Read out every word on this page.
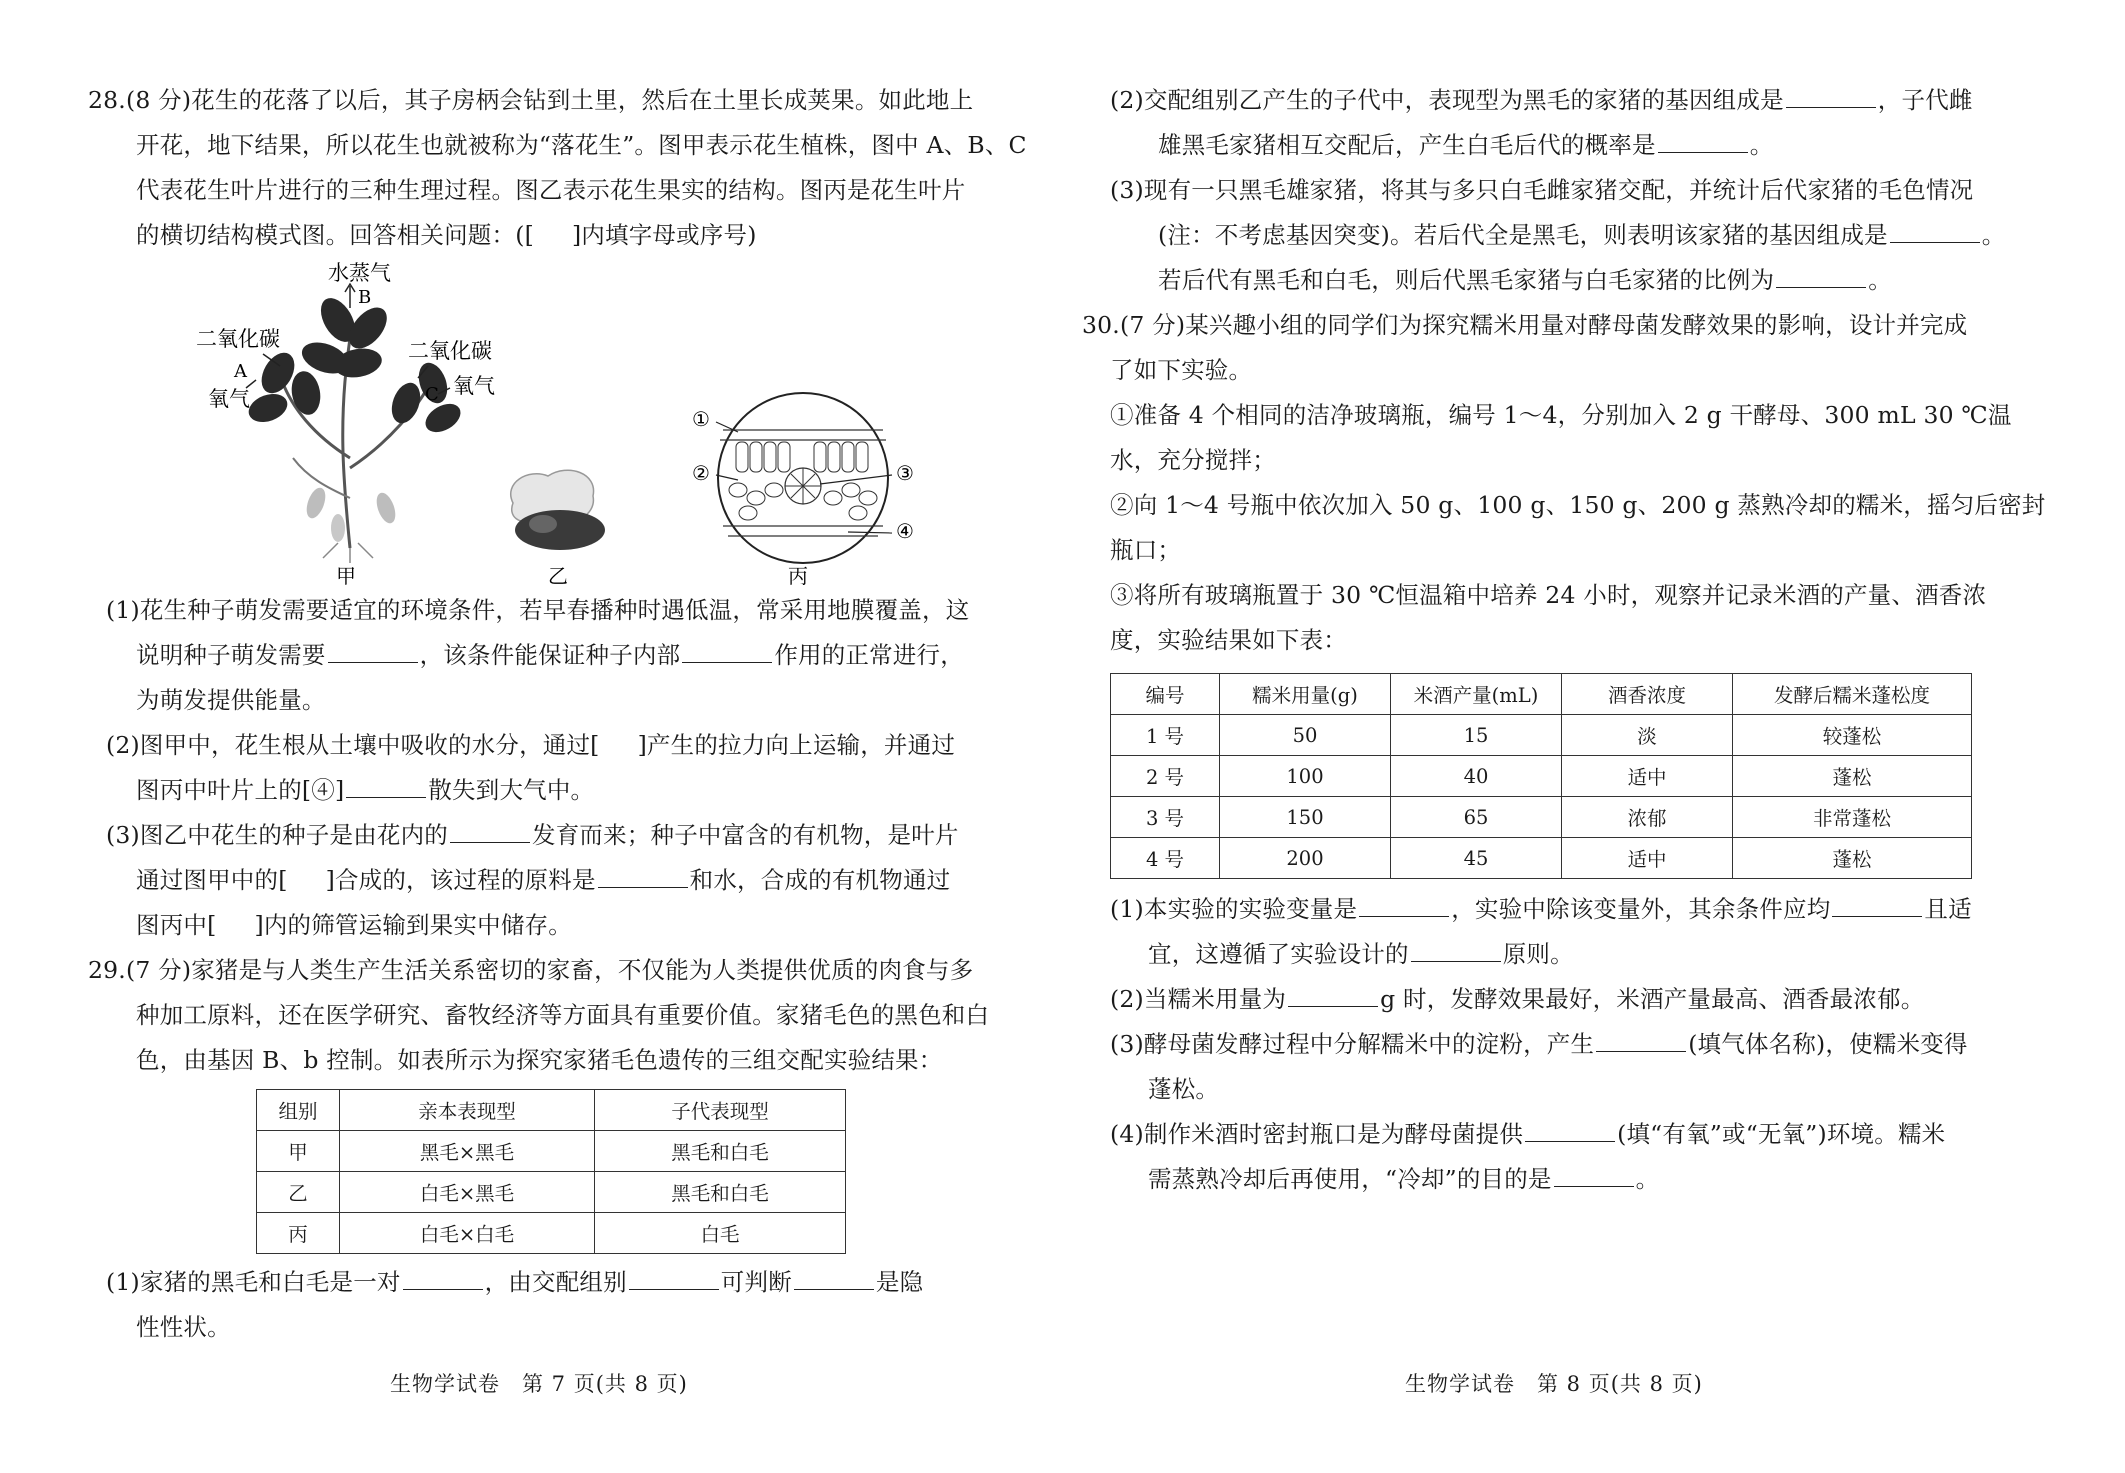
28.(8 分)花生的花落了以后，其子房柄会钻到土里，然后在土里长成荚果。如此地上

开花，地下结果，所以花生也就被称为“落花生”。图甲表示花生植株，图中 A、B、C

代表花生叶片进行的三种生理过程。图乙表示花生果实的结构。图丙是花生叶片

的横切结构模式图。回答相关问题：([ ]内填字母或序号)

水蒸气
B
二氧化碳
A
氧气
二氧化碳
C 氧气
甲	乙
①
②	③
④
丙

(1)花生种子萌发需要适宜的环境条件，若早春播种时遇低温，常采用地膜覆盖，这

说明种子萌发需要	，该条件能保证种子内部	作用的正常进行，

为萌发提供能量。

(2)图甲中，花生根从土壤中吸收的水分，通过[ ]产生的拉力向上运输，并通过

图丙中叶片上的[④]	散失到大气中。

(3)图乙中花生的种子是由花内的	发育而来；种子中富含的有机物，是叶片

通过图甲中的[ ]合成的，该过程的原料是	和水，合成的有机物通过

图丙中[ ]内的筛管运输到果实中储存。

29.(7 分)家猪是与人类生产生活关系密切的家畜，不仅能为人类提供优质的肉食与多

种加工原料，还在医学研究、畜牧经济等方面具有重要价值。家猪毛色的黑色和白

色，由基因 B、b 控制。如表所示为探究家猪毛色遗传的三组交配实验结果：

组别	亲本表现型	子代表现型
甲	黑毛×黑毛	黑毛和白毛
乙	白毛×黑毛	黑毛和白毛
丙	白毛×白毛	白毛

(1)家猪的黑毛和白毛是一对	，由交配组别	可判断	是隐

性性状。

生物学试卷　第 7 页(共 8 页)

(2)交配组别乙产生的子代中，表现型为黑毛的家猪的基因组成是	，子代雌

雄黑毛家猪相互交配后，产生白毛后代的概率是	。

(3)现有一只黑毛雄家猪，将其与多只白毛雌家猪交配，并统计后代家猪的毛色情况

(注：不考虑基因突变)。若后代全是黑毛，则表明该家猪的基因组成是	。

若后代有黑毛和白毛，则后代黑毛家猪与白毛家猪的比例为	。

30.(7 分)某兴趣小组的同学们为探究糯米用量对酵母菌发酵效果的影响，设计并完成

了如下实验。

①准备 4 个相同的洁净玻璃瓶，编号 1～4，分别加入 2 g 干酵母、300 mL 30 ℃温

水，充分搅拌；

②向 1～4 号瓶中依次加入 50 g、100 g、150 g、200 g 蒸熟冷却的糯米，摇匀后密封

瓶口；

③将所有玻璃瓶置于 30 ℃恒温箱中培养 24 小时，观察并记录米酒的产量、酒香浓

度，实验结果如下表：

编号	糯米用量(g)	米酒产量(mL)	酒香浓度	发酵后糯米蓬松度
1 号	50	15	淡	较蓬松
2 号	100	40	适中	蓬松
3 号	150	65	浓郁	非常蓬松
4 号	200	45	适中	蓬松

(1)本实验的实验变量是	，实验中除该变量外，其余条件应均	且适

宜，这遵循了实验设计的	原则。

(2)当糯米用量为	g 时，发酵效果最好，米酒产量最高、酒香最浓郁。

(3)酵母菌发酵过程中分解糯米中的淀粉，产生	(填气体名称)，使糯米变得

蓬松。

(4)制作米酒时密封瓶口是为酵母菌提供	(填“有氧”或“无氧”)环境。糯米

需蒸熟冷却后再使用，“冷却”的目的是	。

生物学试卷　第 8 页(共 8 页)
